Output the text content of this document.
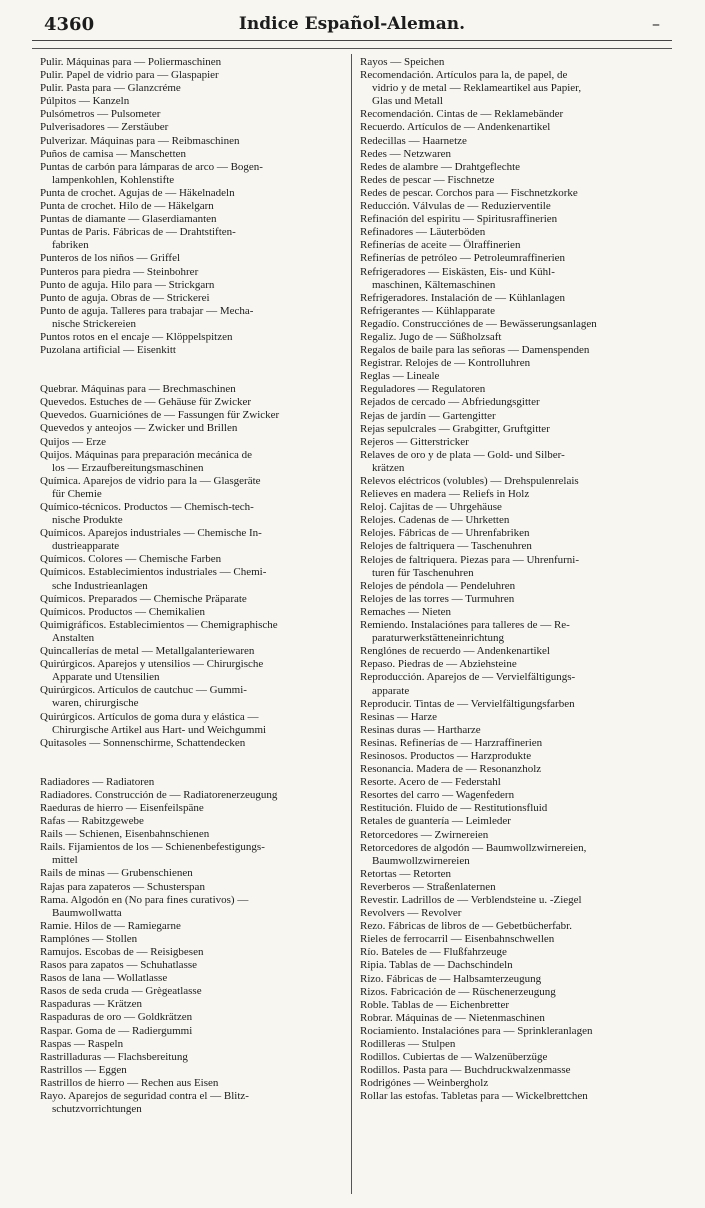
4360	Indice Español-Aleman.	–

Pulir. Máquinas para — Poliermaschinen

Pulir. Papel de vidrio para — Glaspapier

Pulir. Pasta para — Glanzcréme

Púlpitos — Kanzeln

Pulsómetros — Pulsometer

Pulverisadores — Zerstäuber

Pulverizar. Máquinas para — Reibmaschinen

Puños de camisa — Manschetten

Puntas de carbón para lámparas de arco — Bogen-
lampenkohlen, Kohlenstifte

Punta de crochet. Agujas de — Häkelnadeln

Punta de crochet. Hilo de — Häkelgarn

Puntas de diamante — Glaserdiamanten

Puntas de Paris. Fábricas de — Drahtstiften-
fabriken

Punteros de los niños — Griffel

Punteros para piedra — Steinbohrer

Punto de aguja. Hilo para — Strickgarn

Punto de aguja. Obras de — Strickerei

Punto de aguja. Talleres para trabajar — Mecha-
nische Strickereien

Puntos rotos en el encaje — Klöppelspitzen

Puzolana artificial — Eisenkitt

Quebrar. Máquinas para — Brechmaschinen

Quevedos. Estuches de — Gehäuse für Zwicker

Quevedos. Guarniciónes de — Fassungen für Zwicker

Quevedos y anteojos — Zwicker und Brillen

Quijos — Erze

Quijos. Máquinas para preparación mecánica de
los — Erzaufbereitungsmaschinen

Química. Aparejos de vidrio para la — Glasgeräte
für Chemie

Químico-técnicos. Productos — Chemisch-tech-
nische Produkte

Químicos. Aparejos industriales — Chemische In-
dustrieapparate

Químicos. Colores — Chemische Farben

Químicos. Establecimientos industriales — Chemi-
sche Industrieanlagen

Químicos. Preparados — Chemische Präparate

Químicos. Productos — Chemikalien

Quimigráficos. Establecimientos — Chemigraphische
Anstalten

Quincallerías de metal — Metallgalanteriewaren

Quirúrgicos. Aparejos y utensilios — Chirurgische
Apparate und Utensilien

Quirúrgicos. Artículos de cautchuc — Gummi-
waren, chirurgische

Quirúrgicos. Artículos de goma dura y elástica —
Chirurgische Artikel aus Hart- und Weichgummi

Quitasoles — Sonnenschirme, Schattendecken

Radiadores — Radiatoren

Radiadores. Construcción de — Radiatorenerzeugung

Raeduras de hierro — Eisenfeilspäne

Rafas — Rabitzgewebe

Rails — Schienen, Eisenbahnschienen

Rails. Fijamientos de los — Schienenbefestigungs-
mittel

Rails de minas — Grubenschienen

Rajas para zapateros — Schusterspan

Rama. Algodón en (No para fines curativos) —
Baumwollwatta

Ramie. Hilos de — Ramiegarne

Ramplónes — Stollen

Ramujos. Escobas de — Reisigbesen

Rasos para zapatos — Schuhatlasse

Rasos de lana — Wollatlasse

Rasos de seda cruda — Grègeatlasse

Raspaduras — Krätzen

Raspaduras de oro — Goldkrätzen

Raspar. Goma de — Radiergummi

Raspas — Raspeln

Rastrilladuras — Flachsbereitung

Rastrillos — Eggen

Rastrillos de hierro — Rechen aus Eisen

Rayo. Aparejos de seguridad contra el — Blitz-
schutzvorrichtungen

Rayos — Speichen

Recomendación. Artículos para la, de papel, de
vidrio y de metal — Reklameartikel aus Papier,

Glas und Metall

Recomendación. Cintas de — Reklamebänder

Recuerdo. Artículos de — Andenkenartikel

Redecillas — Haarnetze

Redes — Netzwaren

Redes de alambre — Drahtgeflechte

Redes de pescar — Fischnetze

Redes de pescar. Corchos para — Fischnetzkorke

Reducción. Válvulas de — Reduzierventile

Refinación del espiritu — Spiritusraffinerien

Refinadores — Läuterböden

Refinerías de aceite — Ölraffinerien

Refinerías de petróleo — Petroleumraffinerien

Refrigeradores — Eiskästen, Eis- und Kühl-
maschinen, Kältemaschinen

Refrigeradores. Instalación de — Kühlanlagen

Refrigerantes — Kühlapparate

Regadío. Construcciónes de — Bewässerungsanlagen

Regaliz. Jugo de — Süßholzsaft

Regalos de baile para las señoras — Damenspenden

Registrar. Relojes de — Kontrolluhren

Reglas — Lineale

Reguladores — Regulatoren

Rejados de cercado — Abfriedungsgitter

Rejas de jardín — Gartengitter

Rejas sepulcrales — Grabgitter, Gruftgitter

Rejeros — Gitterstricker

Relaves de oro y de plata — Gold- und Silber-
krätzen

Relevos eléctricos (volubles) — Drehspulenrelais

Relieves en madera — Reliefs in Holz

Reloj. Cajitas de — Uhrgehäuse

Relojes. Cadenas de — Uhrketten

Relojes. Fábricas de — Uhrenfabriken

Relojes de faltriquera — Taschenuhren

Relojes de faltriquera. Piezas para — Uhrenfurni-
turen für Taschenuhren

Relojes de péndola — Pendeluhren

Relojes de las torres — Turmuhren

Remaches — Nieten

Remiendo. Instalaciónes para talleres de — Re-
paraturwerkstätteneinrichtung

Renglónes de recuerdo — Andenkenartikel

Repaso. Piedras de — Abziehsteine

Reproducción. Aparejos de — Vervielfältigungs-
apparate

Reproducir. Tintas de — Vervielfältigungsfarben

Resinas — Harze

Resinas duras — Hartharze

Resinas. Refinerías de — Harzraffinerien

Resinosos. Productos — Harzprodukte

Resonancia. Madera de — Resonanzholz

Resorte. Acero de — Federstahl

Resortes del carro — Wagenfedern

Restitución. Fluido de — Restitutionsfluid

Retales de guantería — Leimleder

Retorcedores — Zwirnereien

Retorcedores de algodón — Baumwollzwirnereien,
Baumwollzwirnereien

Retortas — Retorten

Reverberos — Straßenlaternen

Revestir. Ladrillos de — Verblendsteine u. -Ziegel

Revolvers — Revolver

Rezo. Fábricas de libros de — Gebetbücherfabr.

Rieles de ferrocarril — Eisenbahnschwellen

Río. Bateles de — Flußfahrzeuge

Ripia. Tablas de — Dachschindeln

Rizo. Fábricas de — Halbsamterzeugung

Rizos. Fabricación de — Rüschenerzeugung

Roble. Tablas de — Eichenbretter

Robrar. Máquinas de — Nietenmaschinen

Rociamiento. Instalaciónes para — Sprinkleranlagen

Rodilleras — Stulpen

Rodillos. Cubiertas de — Walzenüberzüge

Rodillos. Pasta para — Buchdruckwalzenmasse

Rodrigónes — Weinbergholz

Rollar las estofas. Tabletas para — Wickelbrettchen
